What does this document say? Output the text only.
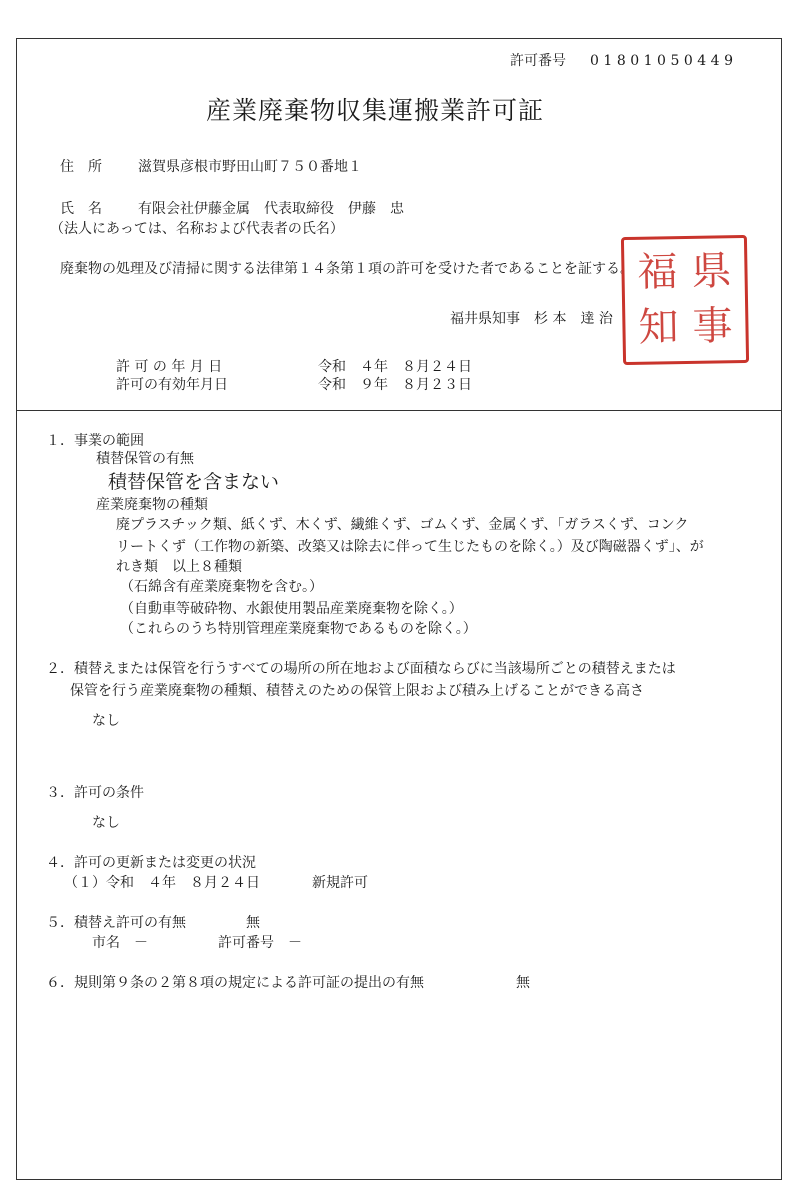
許可番号 01801050449
産業廃棄物収集運搬業許可証
住　所	滋賀県彦根市野田山町７５０番地１
氏　名	有限会社伊藤金属　代表取締役　伊藤　忠
（法人にあっては、名称および代表者の氏名）
廃棄物の処理及び清掃に関する法律第１４条第１項の許可を受けた者であることを証する。 福 県
知 事
福井県知事　杉 本　達 治
許 可 の 年 月 日	令和　４年　８月２４日
許可の有効年月日	令和　９年　８月２３日
１．事業の範囲
積替保管の有無
積替保管を含まない
産業廃棄物の種類
廃プラスチック類、紙くず、木くず、繊維くず、ゴムくず、金属くず、「ガラスくず、コンク
リートくず（工作物の新築、改築又は除去に伴って生じたものを除く。）及び陶磁器くず」、が
れき類　以上８種類
（石綿含有産業廃棄物を含む。）
（自動車等破砕物、水銀使用製品産業廃棄物を除く。）
（これらのうち特別管理産業廃棄物であるものを除く。）
２．積替えまたは保管を行うすべての場所の所在地および面積ならびに当該場所ごとの積替えまたは
保管を行う産業廃棄物の種類、積替えのための保管上限および積み上げることができる高さ
なし
３．許可の条件
なし
４．許可の更新または変更の状況
（１）令和　４年　８月２４日	新規許可
５．積替え許可の有無	無
市名　－	許可番号　－
６．規則第９条の２第８項の規定による許可証の提出の有無	無
